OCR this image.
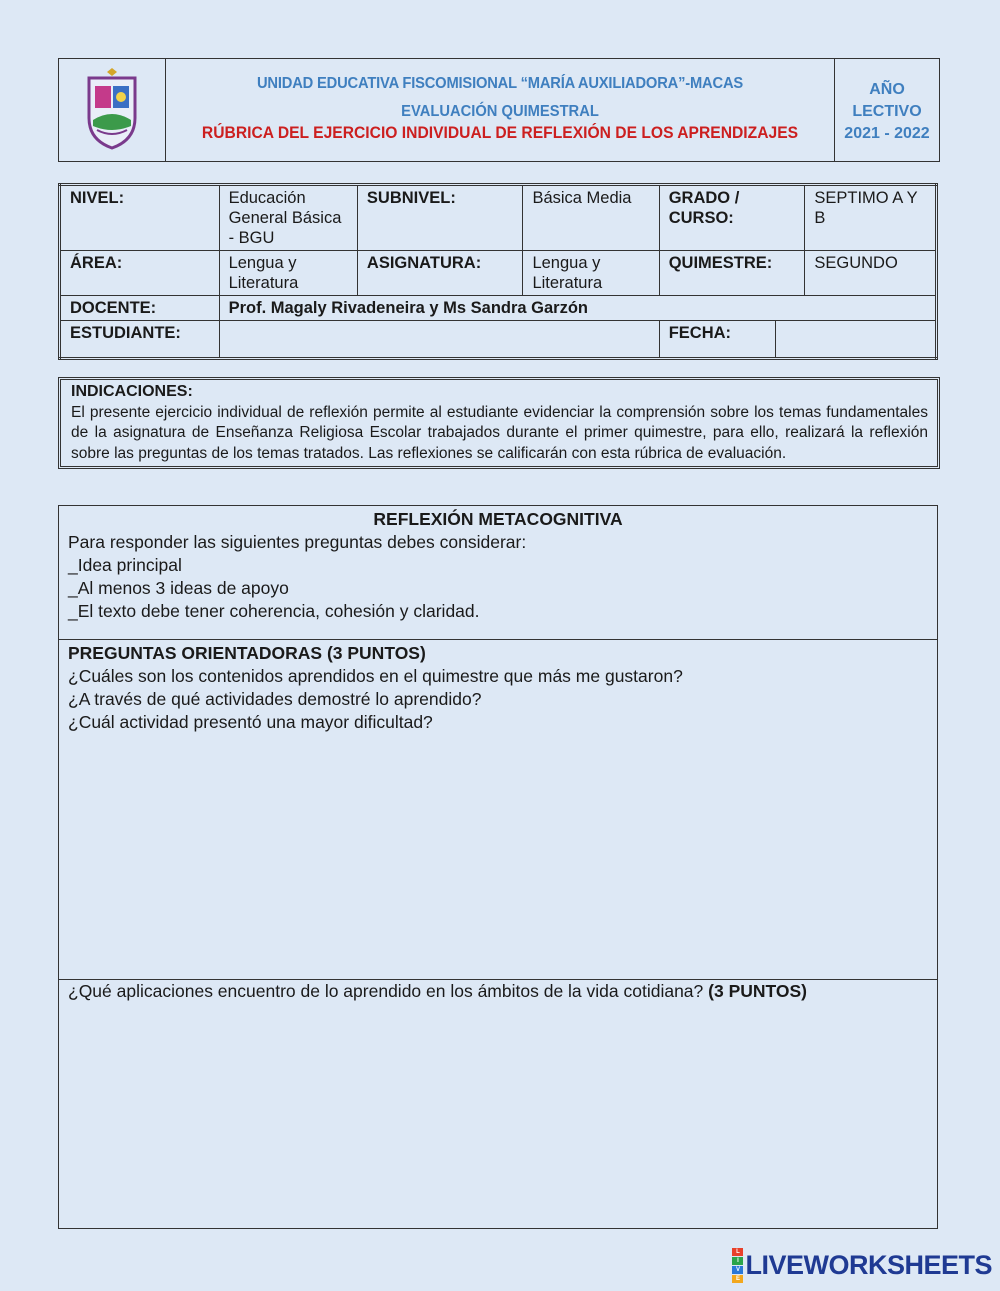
UNIDAD EDUCATIVA FISCOMISIONAL “MARÍA AUXILIADORA”-MACAS
EVALUACIÓN QUIMESTRAL
RÚBRICA DEL EJERCICIO INDIVIDUAL DE REFLEXIÓN DE LOS APRENDIZAJES
AÑO
LECTIVO
2021 - 2022
NIVEL:	Educación General Básica - BGU	SUBNIVEL:	Básica Media	GRADO / CURSO:		SEPTIMO A Y B
ÁREA:	Lengua y Literatura	ASIGNATURA:	Lengua y Literatura	QUIMESTRE:		SEGUNDO
DOCENTE:	Prof. Magaly Rivadeneira y Ms Sandra Garzón					
ESTUDIANTE:				FECHA:		
INDICACIONES:
El presente ejercicio individual de reflexión permite al estudiante evidenciar la comprensión sobre los temas fundamentales de la asignatura de Enseñanza Religiosa Escolar trabajados durante el primer quimestre, para ello, realizará la reflexión sobre las preguntas de los temas tratados. Las reflexiones se calificarán con esta rúbrica de evaluación.
REFLEXIÓN METACOGNITIVA
Para responder las siguientes preguntas debes considerar:
_Idea principal
_Al menos 3 ideas de apoyo
_El texto debe tener coherencia, cohesión y claridad.
PREGUNTAS ORIENTADORAS (3 PUNTOS)
¿Cuáles son los contenidos aprendidos en el quimestre que más me gustaron?
¿A través de qué actividades demostré lo aprendido?
¿Cuál actividad presentó una mayor dificultad?
¿Qué aplicaciones encuentro de lo aprendido en los ámbitos de la vida cotidiana? (3 PUNTOS)
L
I
V
E LIVEWORKSHEETS
